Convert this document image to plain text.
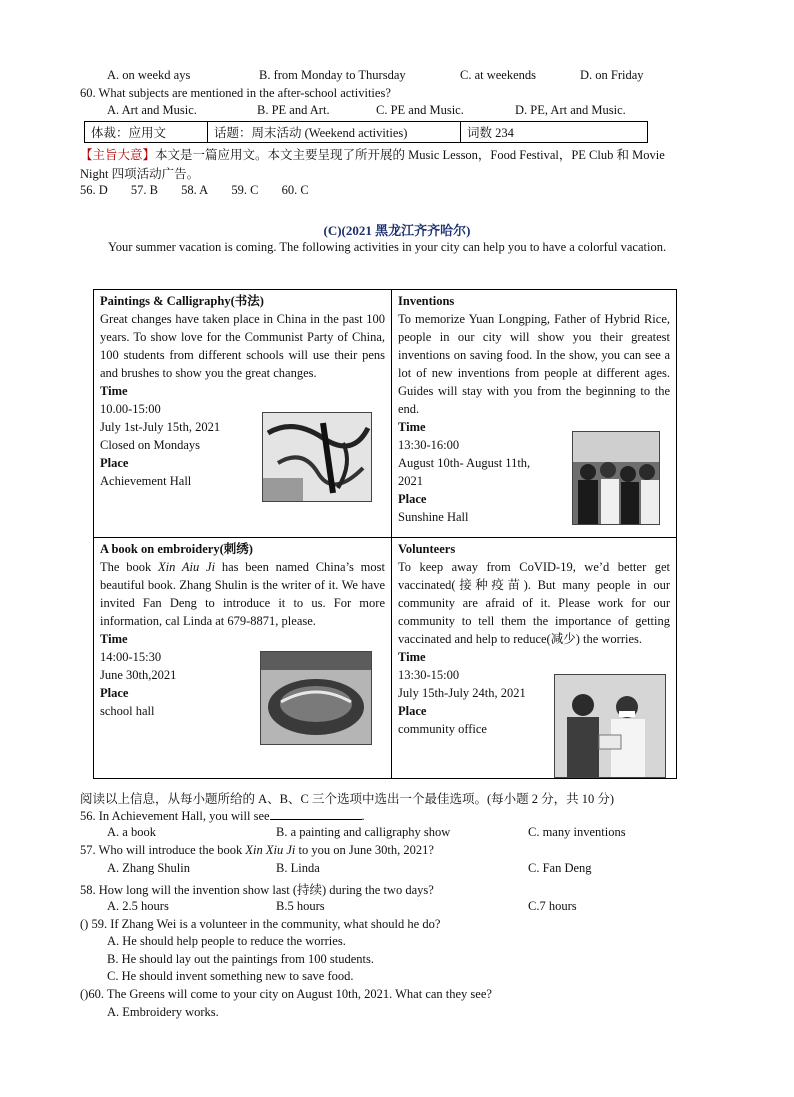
A. on weekd ays	B. from Monday to Thursday	C. at weekends	D. on Friday
60. What subjects are mentioned in the after-school activities?
A. Art and Music.	B. PE and Art.	C. PE and Music.	D. PE, Art and Music.
体裁：应用文	话题：周末活动 (Weekend activities)	词数 234
【主旨大意】本文是一篇应用文。本文主要呈现了所开展的 Music Lesson，Food Festival，PE Club 和 Movie
Night 四项活动广告。
56. D 57. B 58. A 59. C 60. C
(C)(2021 黑龙江齐齐哈尔)
Your summer vacation is coming. The following activities in your city can help you to have a colorful vacation.
Paintings & Calligraphy(书法)

Great changes have taken place in China in the past 100 years. To show love for the Communist Party of China, 100 students from different schools will use their pens and brushes to show you the great changes.

Time
10.00-15:00
July 1st-July 15th, 2021
Closed on Mondays
Place
Achievement Hall
Inventions

To memorize Yuan Longping, Father of Hybrid Rice, people in our city will show you their greatest inventions on saving food. In the show, you can see a lot of new inventions from people at different ages. Guides will stay with you from the beginning to the end.

Time
13:30-16:00
August 10th- August 11th,
2021
Place
Sunshine Hall
A book on embroidery(刺绣)

The book Xin Aiu Ji has been named China’s most beautiful book. Zhang Shulin is the writer of it. We have invited Fan Deng to introduce it to us. For more information, cal Linda at 679-8871, please.

Time
14:00-15:30
June 30th,2021
Place
school hall
Volunteers

To keep away from CoVID-19, we’d better get vaccinated(接种疫苗). But many people in our community are afraid of it. Please work for our community to tell them the importance of getting vaccinated and help to reduce(减少) the worries.

Time
13:30-15:00
July 15th-July 24th, 2021
Place
community office
阅读以上信息，从每小题所给的 A、B、C 三个选项中选出一个最佳选项。(每小题 2 分，共 10 分)
56. In Achievement Hall, you will see	.
A. a book	B. a painting and calligraphy show	C. many inventions
57. Who will introduce the book Xin Xiu Ji to you on June 30th, 2021?
A. Zhang Shulin	B. Linda	C. Fan Deng
58. How long will the invention show last (持续) during the two days?
A. 2.5 hours	B.5 hours	C.7 hours
() 59. If Zhang Wei is a volunteer in the community, what should he do?
A. He should help people to reduce the worries.
B. He should lay out the paintings from 100 students.
C. He should invent something new to save food.
()60. The Greens will come to your city on August 10th, 2021. What can they see?
A. Embroidery works.
